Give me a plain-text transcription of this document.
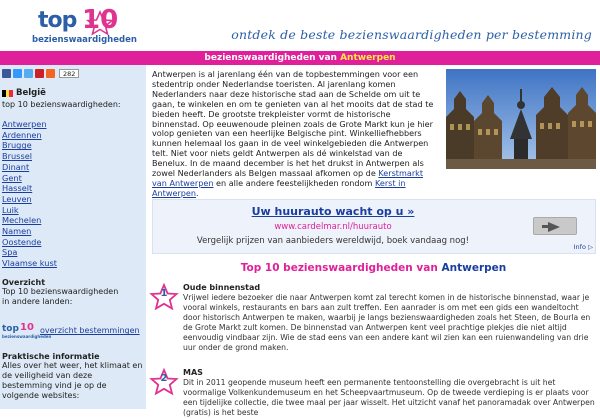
top 10
bezienswaardigheden	ontdek de beste bezienswaardigheden per bestemming
bezienswaardigheden van Antwerpen
282
België
top 10 bezienswaardigheden:
Antwerpen
Ardennen
Brugge
Brussel
Dinant
Gent
Hasselt
Leuven
Luik
Mechelen
Namen
Oostende
Spa
Vlaamse kust
Overzicht
Top 10 bezienswaardigheden
in andere landen:
top 10
bezienswaardigheden
overzicht bestemmingen
Praktische informatie
Alles over het weer, het klimaat en de veiligheid van deze bestemming vind je op de volgende websites:
Antwerpen is al jarenlang één van de topbestemmingen voor een stedentrip onder Nederlandse toeristen. Al jarenlang komen Nederlanders naar deze historische stad aan de Schelde om uit te gaan, te winkelen en om te genieten van al het mooits dat de stad te bieden heeft. De grootste trekpleister vormt de historische binnenstad. Op eeuwenoude pleinen zoals de Grote Markt kun je hier volop genieten van een heerlijke Belgische pint. Winkelliefhebbers kunnen helemaal los gaan in de veel winkelgebieden die Antwerpen telt. Niet voor niets geldt Antwerpen als dé winkelstad van de Benelux. In de maand december is het het drukst in Antwerpen als zowel Nederlanders als Belgen massaal afkomen op de Kerstmarkt van Antwerpen en alle andere feestelijkheden rondom Kerst in Antwerpen.
Uw huurauto wacht op u »
www.cardelmar.nl/huurauto
Vergelijk prijzen van aanbieders wereldwijd, boek vandaag nog!
Info ▷
Top 10 bezienswaardigheden van Antwerpen
1
Oude binnenstad
Vrijwel iedere bezoeker die naar Antwerpen komt zal terecht komen in de historische binnenstad, waar je vooral winkels, restaurants en bars aan zult treffen. Een aanrader is om met een gids een wandeltocht door historisch Antwerpen te maken, waarbij je langs bezienswaardigheden zoals het Steen, de Bourla en de Grote Markt zult komen. De binnenstad van Antwerpen kent veel prachtige plekjes die niet altijd eenvoudig vindbaar zijn. Wie de stad eens van een andere kant wil zien kan een ruienwandeling van drie uur onder de grond maken.
2
MAS
Dit in 2011 geopende museum heeft een permanente tentoonstelling die overgebracht is uit het voormalige Volkenkundemuseum en het Scheepvaartmuseum. Op de tweede verdieping is er plaats voor een tijdelijke collectie, die twee maal per jaar wisselt. Het uitzicht vanaf het panoramadak over Antwerpen (gratis) is het beste
